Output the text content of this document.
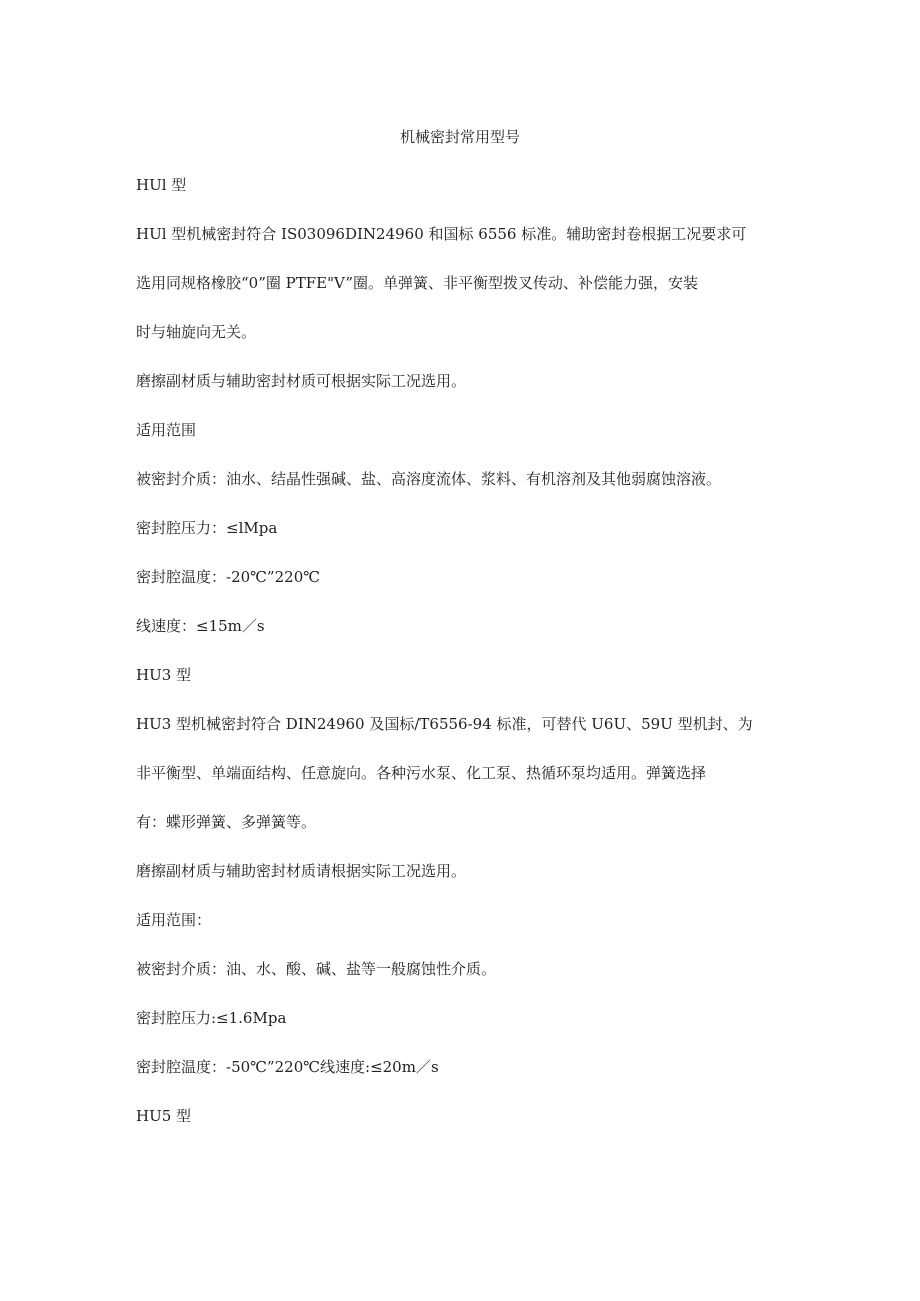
机械密封常用型号

HUl 型

HUl 型机械密封符合 IS03096DIN24960 和国标 6556 标准。辅助密封卷根据工况要求可

选用同规格橡胶“0”圈 PTFE"V”圈。单弹簧、非平衡型拨叉传动、补偿能力强，安装

时与轴旋向无关。

磨擦副材质与辅助密封材质可根据实际工况选用。

适用范围

被密封介质：油水、结晶性强碱、盐、高溶度流体、浆料、有机溶剂及其他弱腐蚀溶液。

密封腔压力：≤lMpa

密封腔温度：-20℃”220℃

线速度：≤15m／s

HU3 型

HU3 型机械密封符合 DIN24960 及国标/T6556-94 标准，可替代 U6U、59U 型机封、为

非平衡型、单端面结构、任意旋向。各种污水泵、化工泵、热循环泵均适用。弹簧选择

有：蝶形弹簧、多弹簧等。

磨擦副材质与辅助密封材质请根据实际工况选用。

适用范围：

被密封介质：油、水、酸、碱、盐等一般腐蚀性介质。

密封腔压力:≤1.6Mpa

密封腔温度：-50℃”220℃线速度:≤20m／s

HU5 型
